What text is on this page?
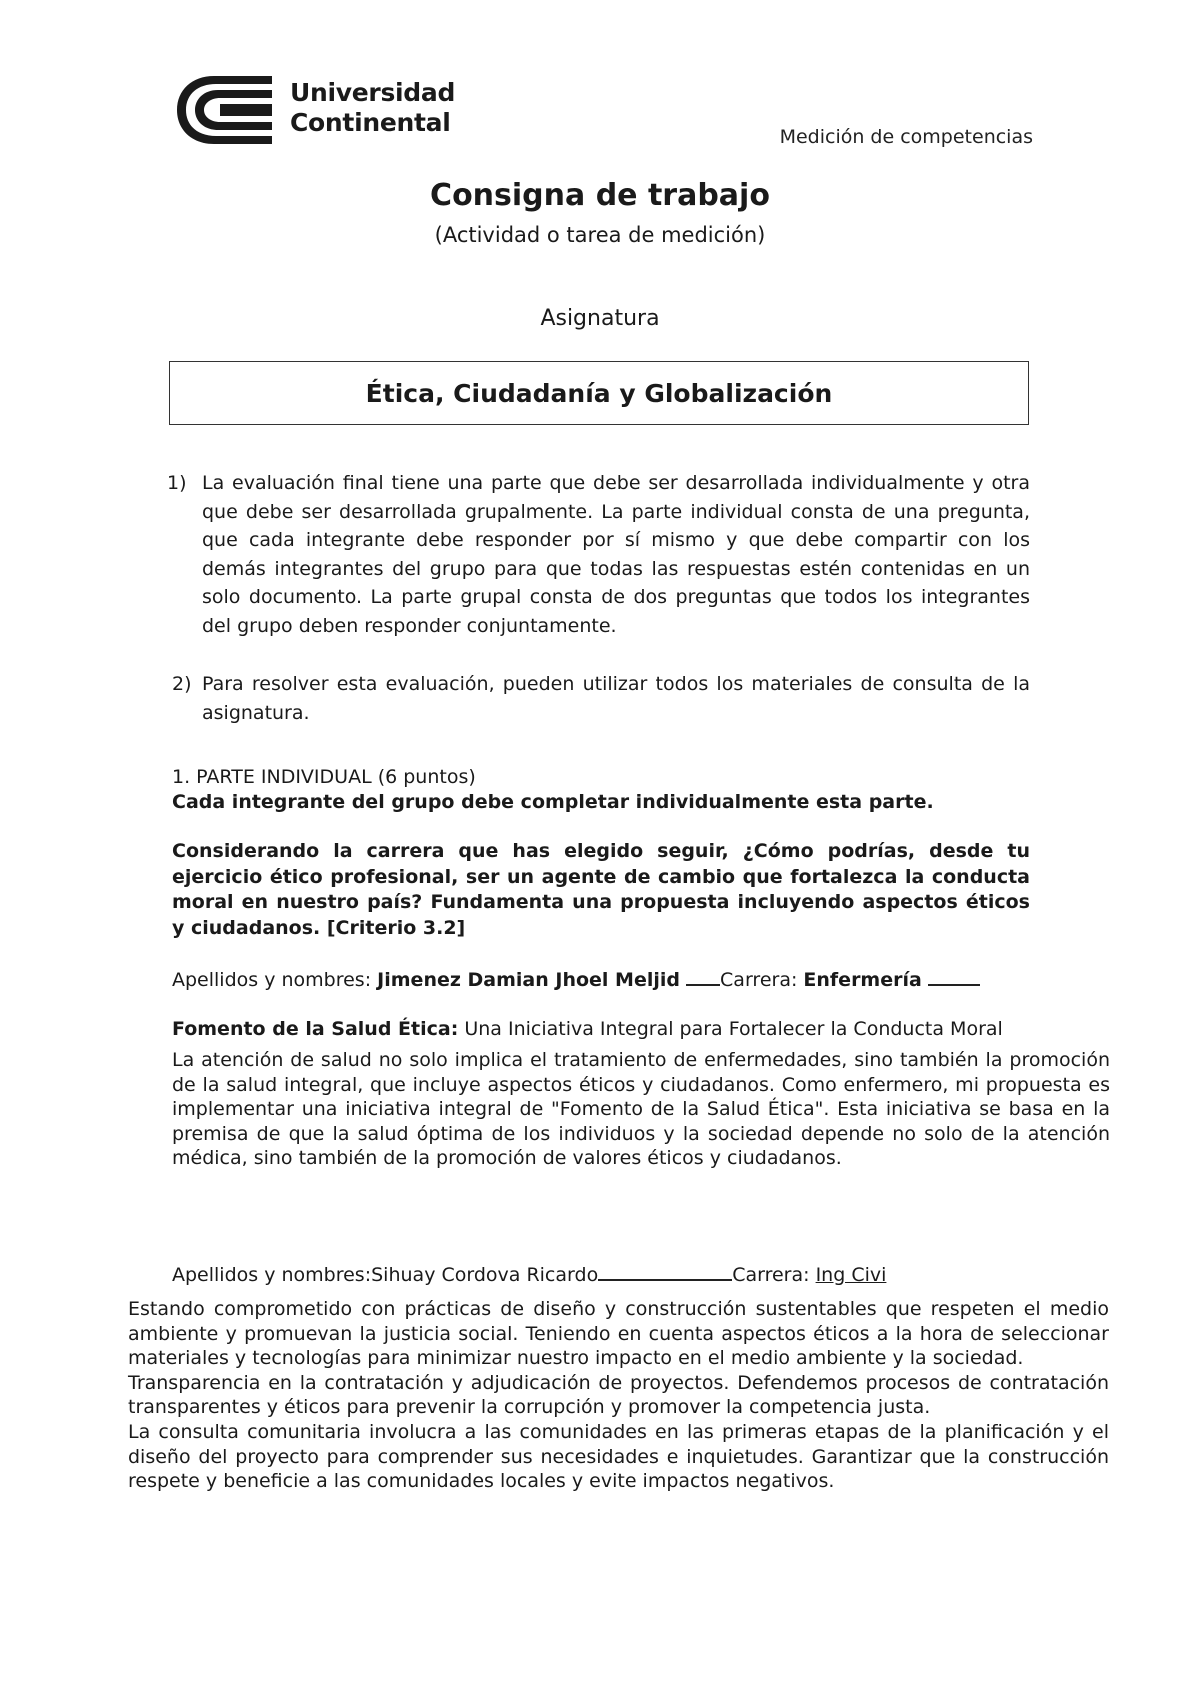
Universidad
Continental	Medición de competencias
Consigna de trabajo
(Actividad o tarea de medición)
Asignatura
Ética, Ciudadanía y Globalización
1) La evaluación final tiene una parte que debe ser desarrollada individualmente y otra que debe ser desarrollada grupalmente. La parte individual consta de una pregunta, que cada integrante debe responder por sí mismo y que debe compartir con los demás integrantes del grupo para que todas las respuestas estén contenidas en un solo documento. La parte grupal consta de dos preguntas que todos los integrantes del grupo deben responder conjuntamente.
2) Para resolver esta evaluación, pueden utilizar todos los materiales de consulta de la asignatura.
1. PARTE INDIVIDUAL (6 puntos)
Cada integrante del grupo debe completar individualmente esta parte.
Considerando la carrera que has elegido seguir, ¿Cómo podrías, desde tu ejercicio ético profesional, ser un agente de cambio que fortalezca la conducta moral en nuestro país? Fundamenta una propuesta incluyendo aspectos éticos y ciudadanos. [Criterio 3.2]
Apellidos y nombres: Jimenez Damian Jhoel Meljid Carrera: Enfermería
Fomento de la Salud Ética: Una Iniciativa Integral para Fortalecer la Conducta Moral
La atención de salud no solo implica el tratamiento de enfermedades, sino también la promoción de la salud integral, que incluye aspectos éticos y ciudadanos. Como enfermero, mi propuesta es implementar una iniciativa integral de "Fomento de la Salud Ética". Esta iniciativa se basa en la premisa de que la salud óptima de los individuos y la sociedad depende no solo de la atención médica, sino también de la promoción de valores éticos y ciudadanos.
Apellidos y nombres:Sihuay Cordova Ricardo	Carrera: Ing Civi
Estando comprometido con prácticas de diseño y construcción sustentables que respeten el medio ambiente y promuevan la justicia social. Teniendo en cuenta aspectos éticos a la hora de seleccionar materiales y tecnologías para minimizar nuestro impacto en el medio ambiente y la sociedad.
Transparencia en la contratación y adjudicación de proyectos. Defendemos procesos de contratación transparentes y éticos para prevenir la corrupción y promover la competencia justa.
La consulta comunitaria involucra a las comunidades en las primeras etapas de la planificación y el diseño del proyecto para comprender sus necesidades e inquietudes. Garantizar que la construcción respete y beneficie a las comunidades locales y evite impactos negativos.
